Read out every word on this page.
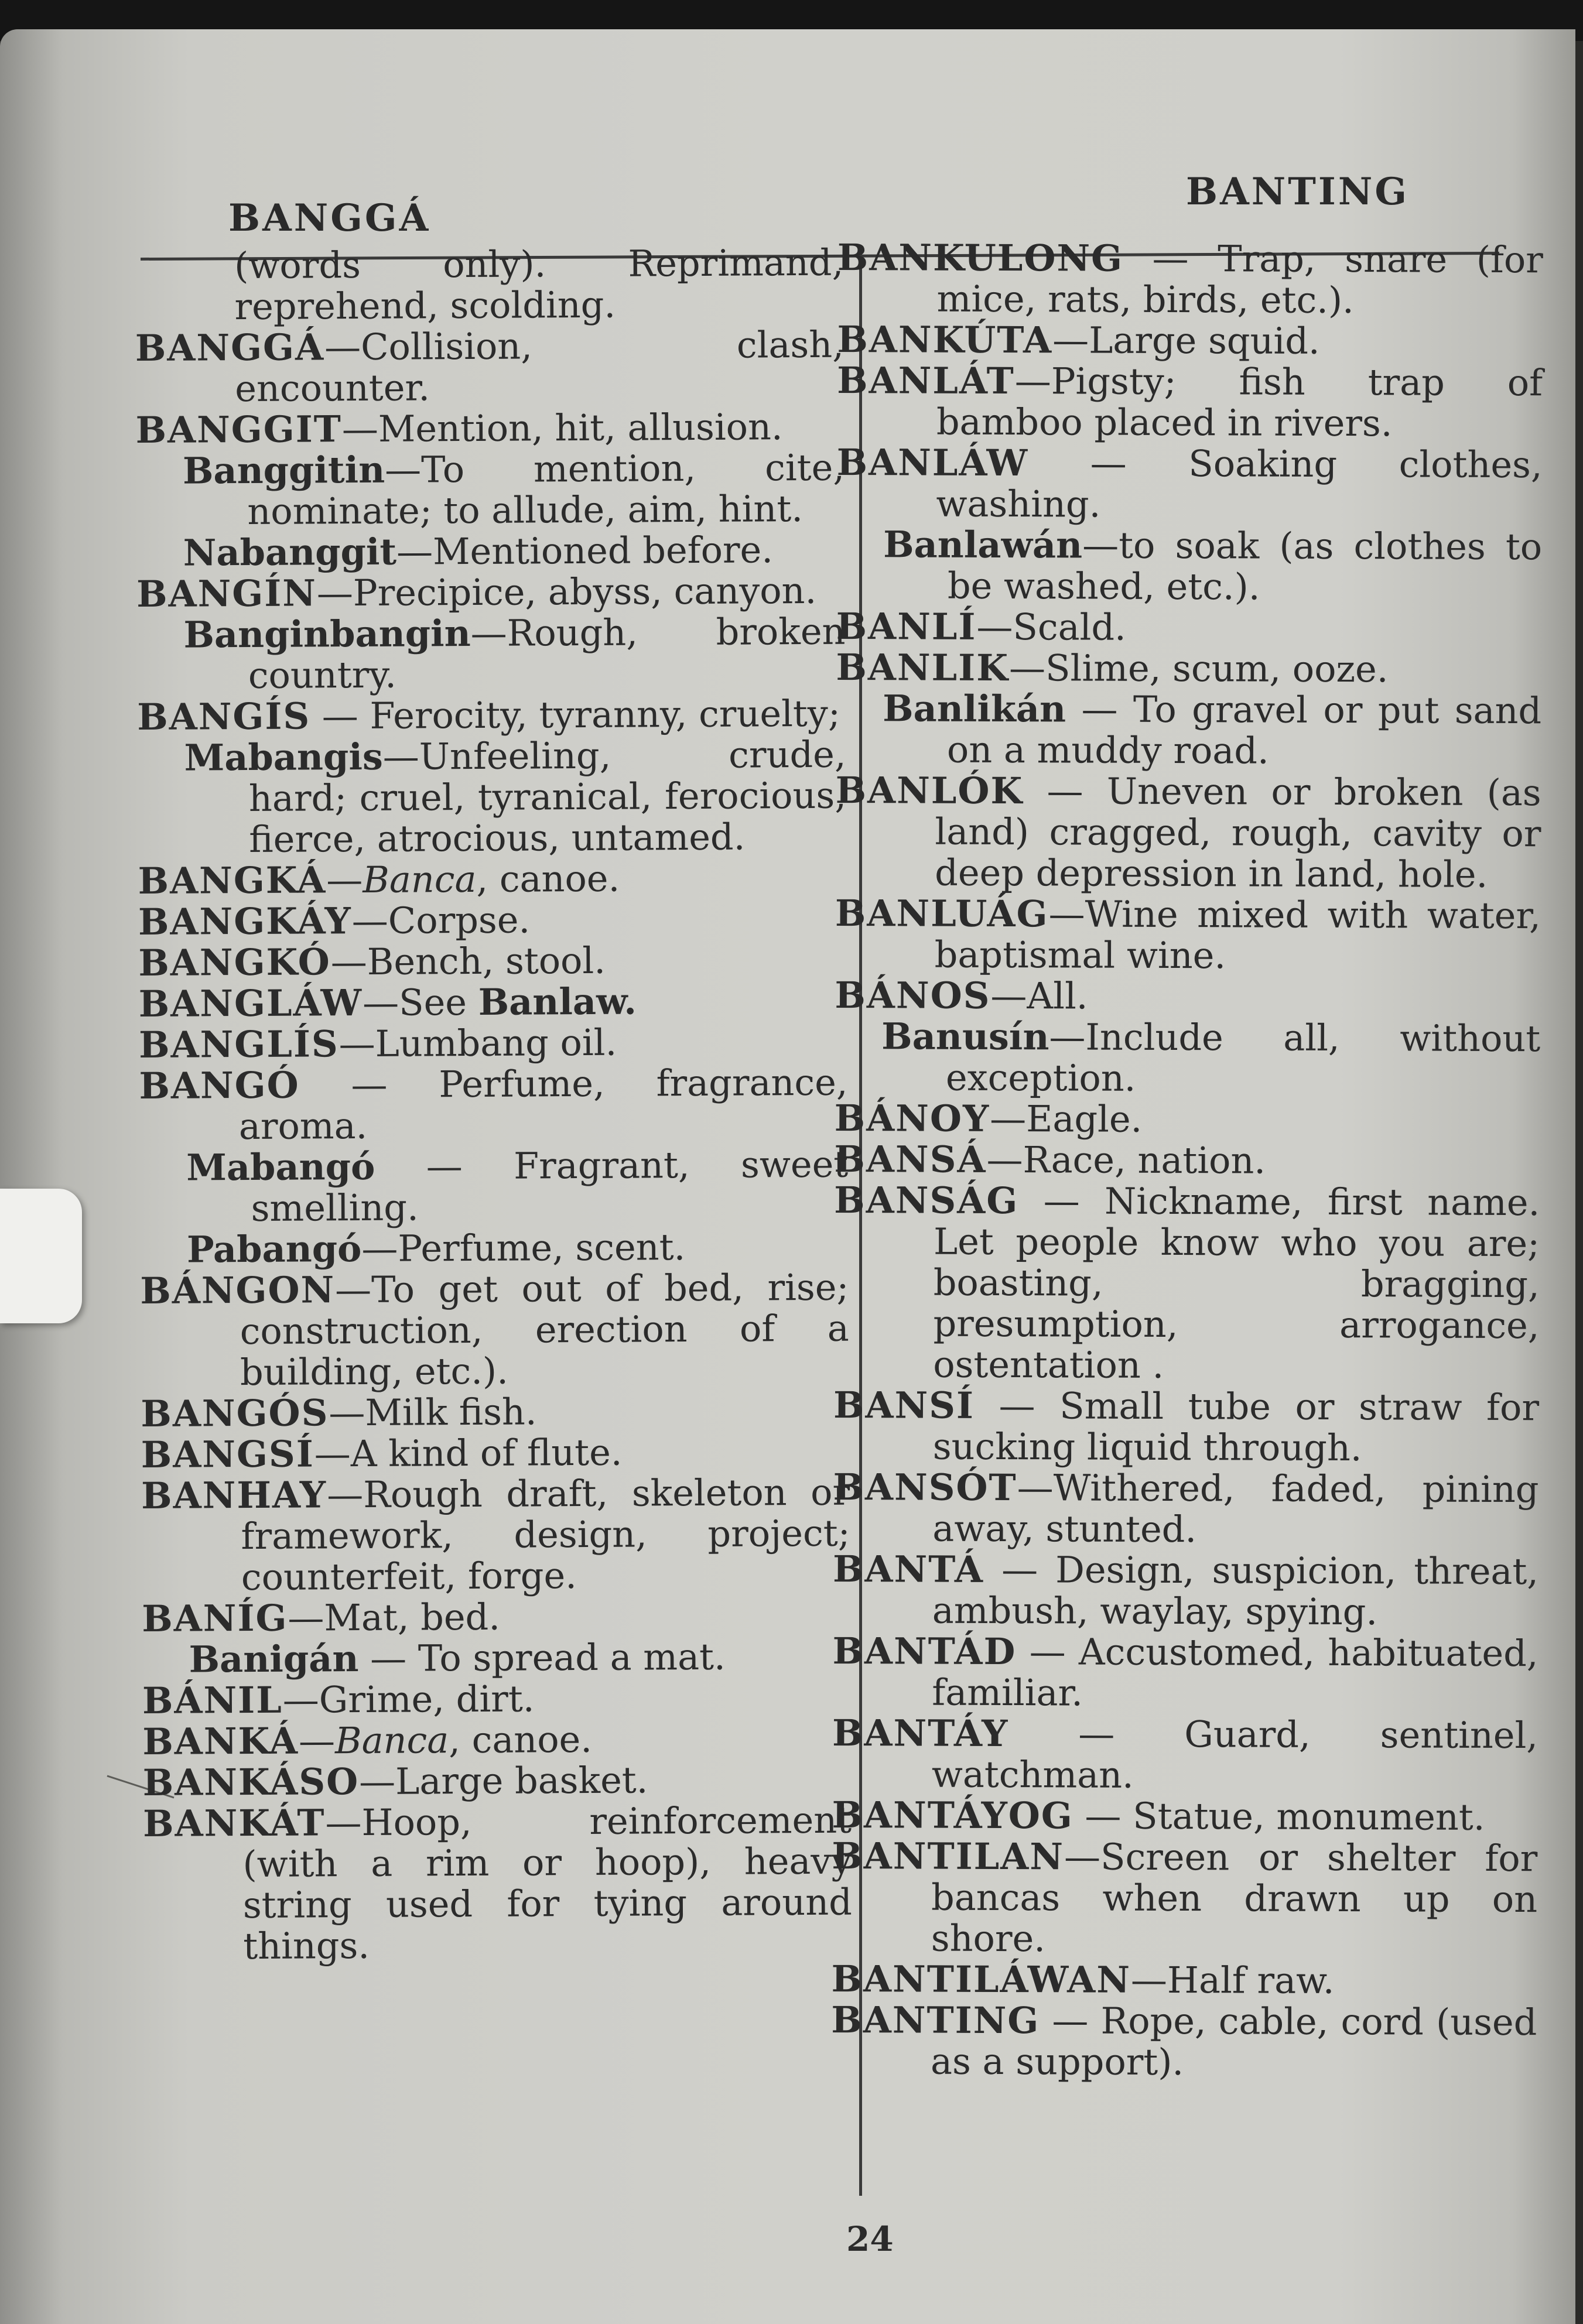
BANGGÁ
BANTING
(words only). Reprimand, reprehend, scolding.
BANGGÁ—Collision, clash, encounter.
BANGGIT—Mention, hit, allusion.
Banggitin—To mention, cite, nominate; to allude, aim, hint.
Nabanggit—Mentioned before.
BANGÍN—Precipice, abyss, canyon.
Banginbangin—Rough, broken country.
BANGÍS — Ferocity, tyranny, cruelty;
Mabangis—Unfeeling, crude, hard; cruel, tyranical, ferocious, fierce, atrocious, untamed.
BANGKÁ—Banca, canoe.
BANGKÁY—Corpse.
BANGKÓ—Bench, stool.
BANGLÁW—See Banlaw.
BANGLÍS—Lumbang oil.
BANGÓ — Perfume, fragrance, aroma.
Mabangó — Fragrant, sweet smelling.
Pabangó—Perfume, scent.
BÁNGON—To get out of bed, rise; construction, erection of a building, etc.).
BANGÓS—Milk fish.
BANGSÍ—A kind of flute.
BANHAY—Rough draft, skeleton or framework, design, project; counterfeit, forge.
BANÍG—Mat, bed.
Banigán — To spread a mat.
BÁNIL—Grime, dirt.
BANKÁ—Banca, canoe.
BANKÁSO—Large basket.
BANKÁT—Hoop, reinforcement (with a rim or hoop), heavy string used for tying around things.
BANKULONG — Trap, snare (for mice, rats, birds, etc.).
BANKÚTA—Large squid.
BANLÁT—Pigsty; fish trap of bamboo placed in rivers.
BANLÁW — Soaking clothes, washing.
Banlawán—to soak (as clothes to be washed, etc.).
BANLÍ—Scald.
BANLIK—Slime, scum, ooze.
Banlikán — To gravel or put sand on a muddy road.
BANLÓK — Uneven or broken (as land) cragged, rough, cavity or deep depression in land, hole.
BANLUÁG—Wine mixed with water, baptismal wine.
BÁNOS—All.
Banusín—Include all, without exception.
BÁNOY—Eagle.
BANSÁ—Race, nation.
BANSÁG — Nickname, first name. Let people know who you are; boasting, bragging, presumption, arrogance, ostentation .
BANSÍ — Small tube or straw for sucking liquid through.
BANSÓT—Withered, faded, pining away, stunted.
BANTÁ — Design, suspicion, threat, ambush, waylay, spying.
BANTÁD — Accustomed, habituated, familiar.
BANTÁY — Guard, sentinel, watchman.
BANTÁYOG — Statue, monument.
BANTILAN—Screen or shelter for bancas when drawn up on shore.
BANTILÁWAN—Half raw.
BANTING — Rope, cable, cord (used as a support).
24
